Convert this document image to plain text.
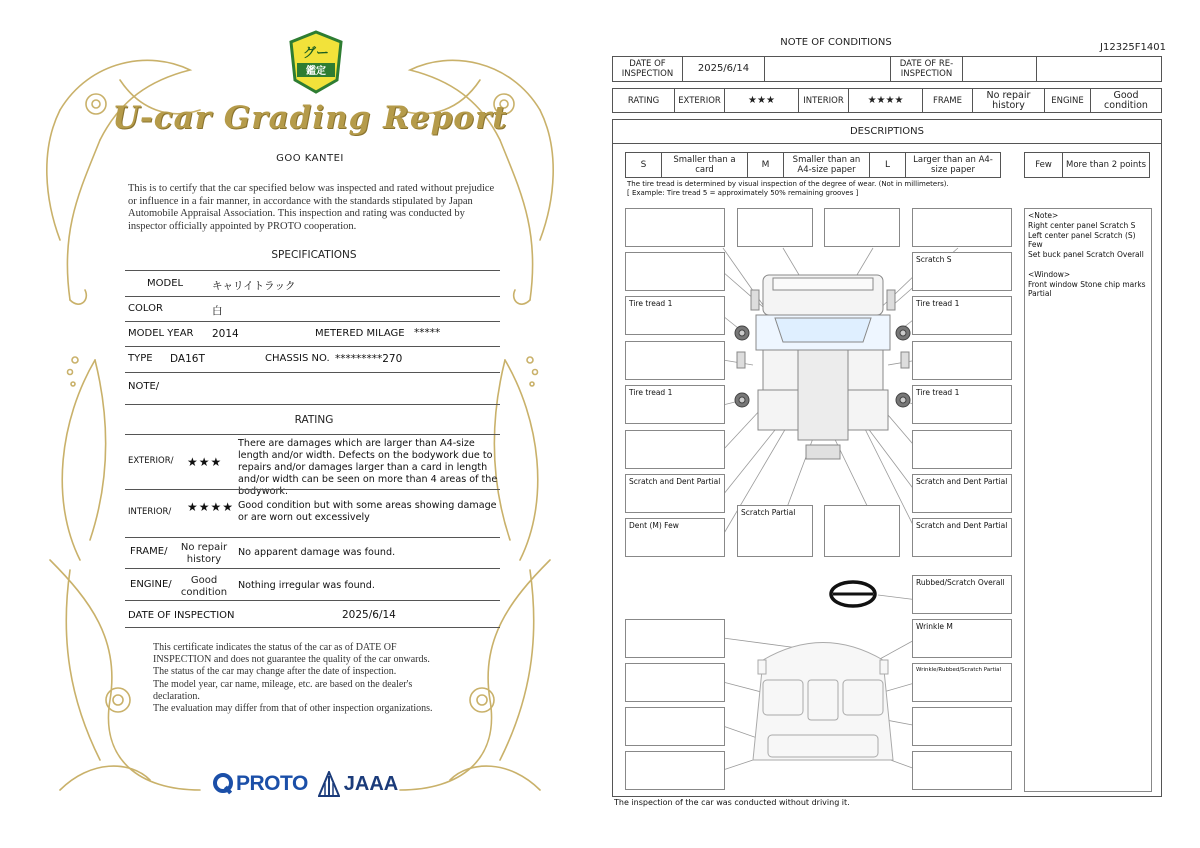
グー
鑑定
U-car Grading Report
GOO KANTEI
This is to certify that the car specified below was inspected and rated without prejudice or influence in a fair manner, in accordance with the standards stipulated by Japan Automobile Appraisal Association. This inspection and rating was conducted by inspector officially appointed by PROTO cooperation.
SPECIFICATIONS
MODEL	キャリイトラック
COLOR	白
MODEL YEAR 2014	METERED MILAGE *****
TYPE DA16T	CHASSIS NO. *********270
NOTE/
RATING
EXTERIOR/ ★★★
There are damages which are larger than A4-size length and/or width. Defects on the bodywork due to repairs and/or damages larger than a card in length and/or width can be seen on more than 4 areas of the bodywork.
INTERIOR/ ★★★★ Good condition but with some areas showing damage or are worn out excessively
FRAME/	No repair history
No apparent damage was found.
ENGINE/	Good condition
Nothing irregular was found.
DATE OF INSPECTION	2025/6/14
This certificate indicates the status of the car as of DATE OF
INSPECTION and does not guarantee the quality of the car onwards.
The status of the car may change after the date of inspection.
The model year, car name, mileage, etc. are based on the dealer's
declaration.
The evaluation may differ from that of other inspection organizations.
PROTO JAAA
NOTE OF CONDITIONS	J12325F1401
DATE OF INSPECTION	2025/6/14		DATE OF RE-INSPECTION		
RATING	EXTERIOR	★★★	INTERIOR	★★★★	FRAME	No repair history	ENGINE	Good condition
DESCRIPTIONS
S	Smaller than a card	M	Smaller than an A4-size paper	L	Larger than an A4-size paper	Few	More than 2 points
The tire tread is determined by visual inspection of the degree of wear. (Not in millimeters).
[ Example: Tire tread 5 = approximately 50% remaining grooves ]
Tire tread 1
Tire tread 1
Scratch and Dent Partial
Dent (M) Few
Scratch Partial
Scratch S
Tire tread 1
Tire tread 1
Scratch and Dent Partial
Scratch and Dent Partial
Rubbed/Scratch Overall
Wrinkle M
Wrinkle/Rubbed/Scratch Partial
<Note>
Right center panel Scratch S
Left center panel Scratch (S)
Few
Set buck panel Scratch Overall
<Window>
Front window Stone chip marks
Partial
The inspection of the car was conducted without driving it.
